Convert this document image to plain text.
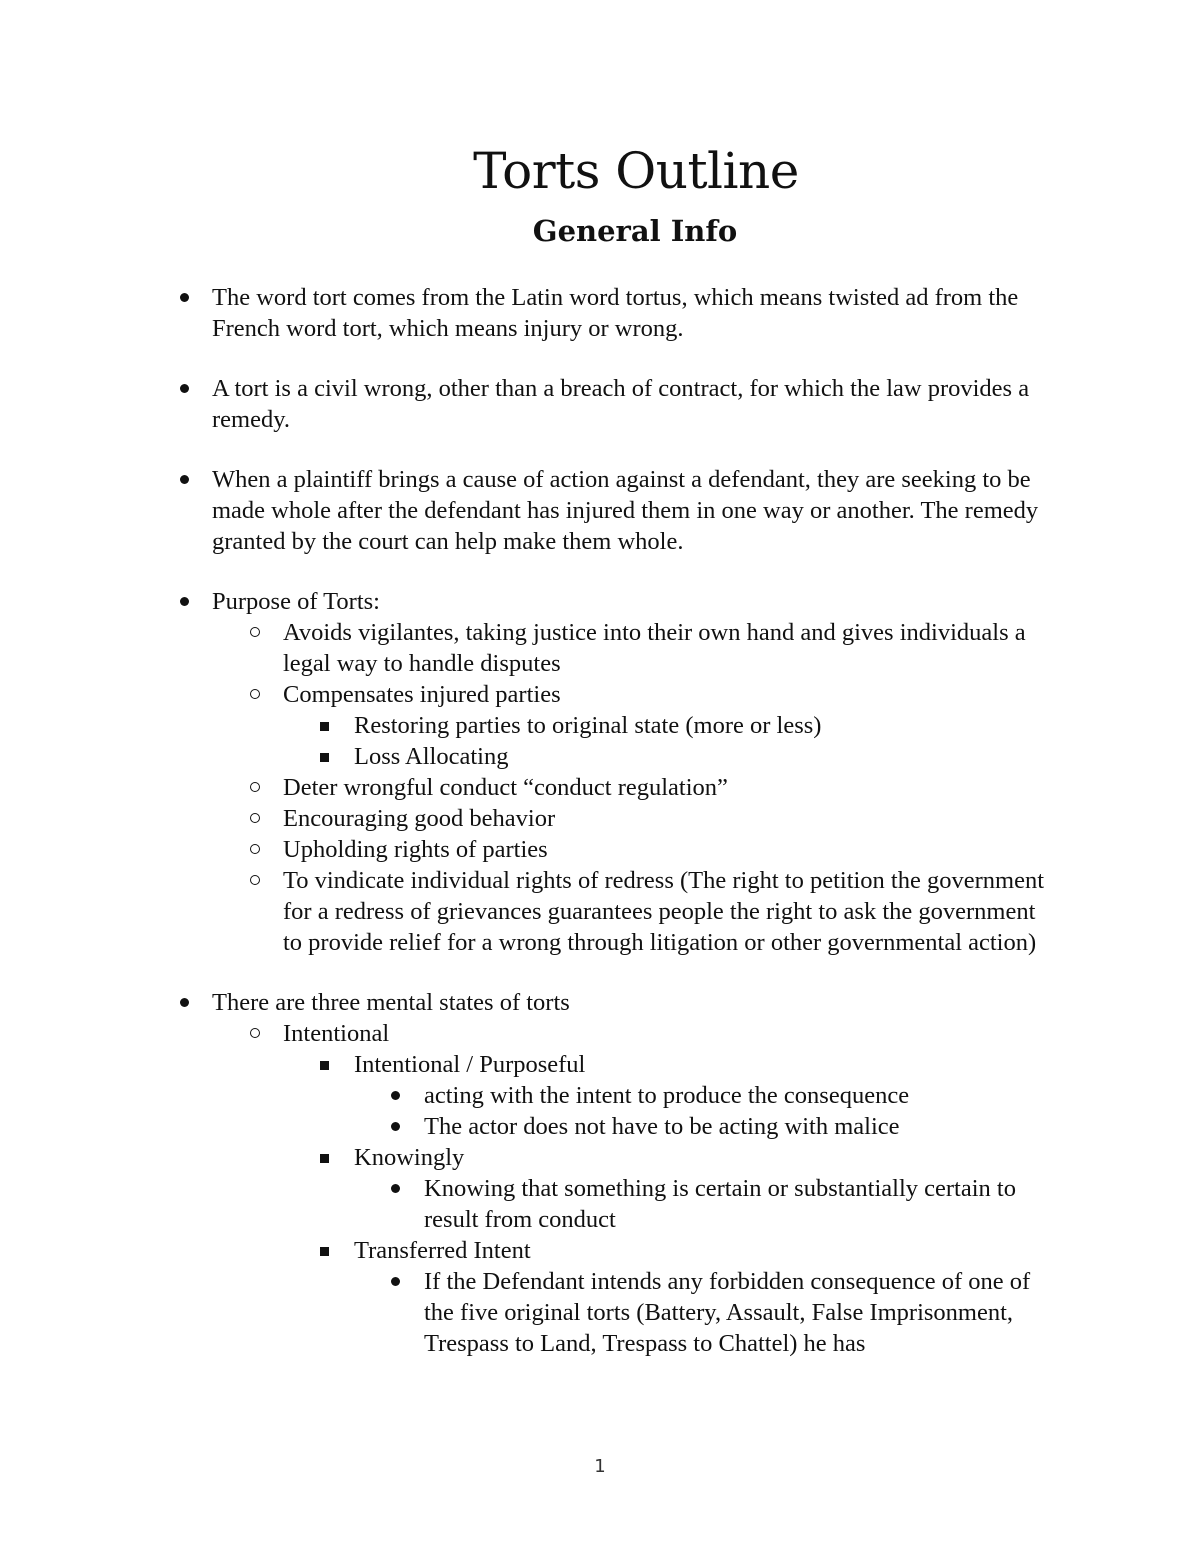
Torts Outline
General Info
The word tort comes from the Latin word tortus, which means twisted ad from the French word tort, which means injury or wrong.
A tort is a civil wrong, other than a breach of contract, for which the law provides a remedy.
When a plaintiff brings a cause of action against a defendant, they are seeking to be made whole after the defendant has injured them in one way or another. The remedy granted by the court can help make them whole.
Purpose of Torts:
Avoids vigilantes, taking justice into their own hand and gives individuals a legal way to handle disputes
Compensates injured parties
Restoring parties to original state (more or less)
Loss Allocating
Deter wrongful conduct “conduct regulation”
Encouraging good behavior
Upholding rights of parties
To vindicate individual rights of redress (The right to petition the government for a redress of grievances guarantees people the right to ask the government to provide relief for a wrong through litigation or other governmental action)
There are three mental states of torts
Intentional
Intentional / Purposeful
acting with the intent to produce the consequence
The actor does not have to be acting with malice
Knowingly
Knowing that something is certain or substantially certain to result from conduct
Transferred Intent
If the Defendant intends any forbidden consequence of one of the five original torts (Battery, Assault, False Imprisonment, Trespass to Land, Trespass to Chattel) he has
1
